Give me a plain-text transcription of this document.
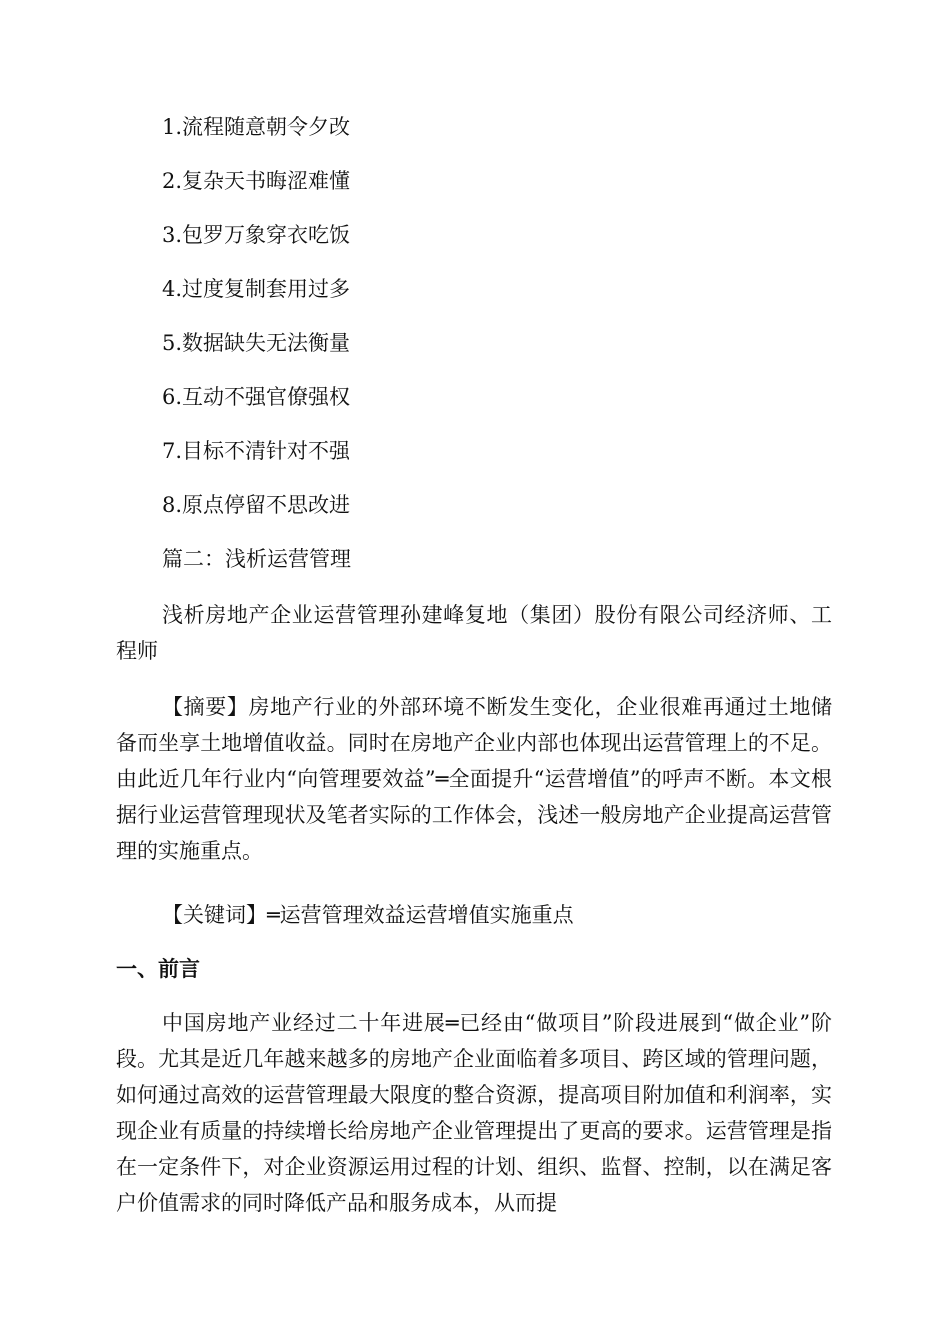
1.流程随意朝令夕改
2.复杂天书晦涩难懂
3.包罗万象穿衣吃饭
4.过度复制套用过多
5.数据缺失无法衡量
6.互动不强官僚强权
7.目标不清针对不强
8.原点停留不思改进
篇二：浅析运营管理

浅析房地产企业运营管理孙建峰复地（集团）股份有限公司经济师、工程师

【摘要】房地产行业的外部环境不断发生变化，企业很难再通过土地储备而坐享土地增值收益。同时在房地产企业内部也体现出运营管理上的不足。由此近几年行业内“向管理要效益”═全面提升“运营增值”的呼声不断。本文根据行业运营管理现状及笔者实际的工作体会，浅述一般房地产企业提高运营管理的实施重点。

【关键词】═运营管理效益运营增值实施重点

一、前言

中国房地产业经过二十年进展═已经由“做项目”阶段进展到“做企业”阶段。尤其是近几年越来越多的房地产企业面临着多项目、跨区域的管理问题，如何通过高效的运营管理最大限度的整合资源，提高项目附加值和利润率，实现企业有质量的持续增长给房地产企业管理提出了更高的要求。运营管理是指在一定条件下，对企业资源运用过程的计划、组织、监督、控制，以在满足客户价值需求的同时降低产品和服务成本，从而提
